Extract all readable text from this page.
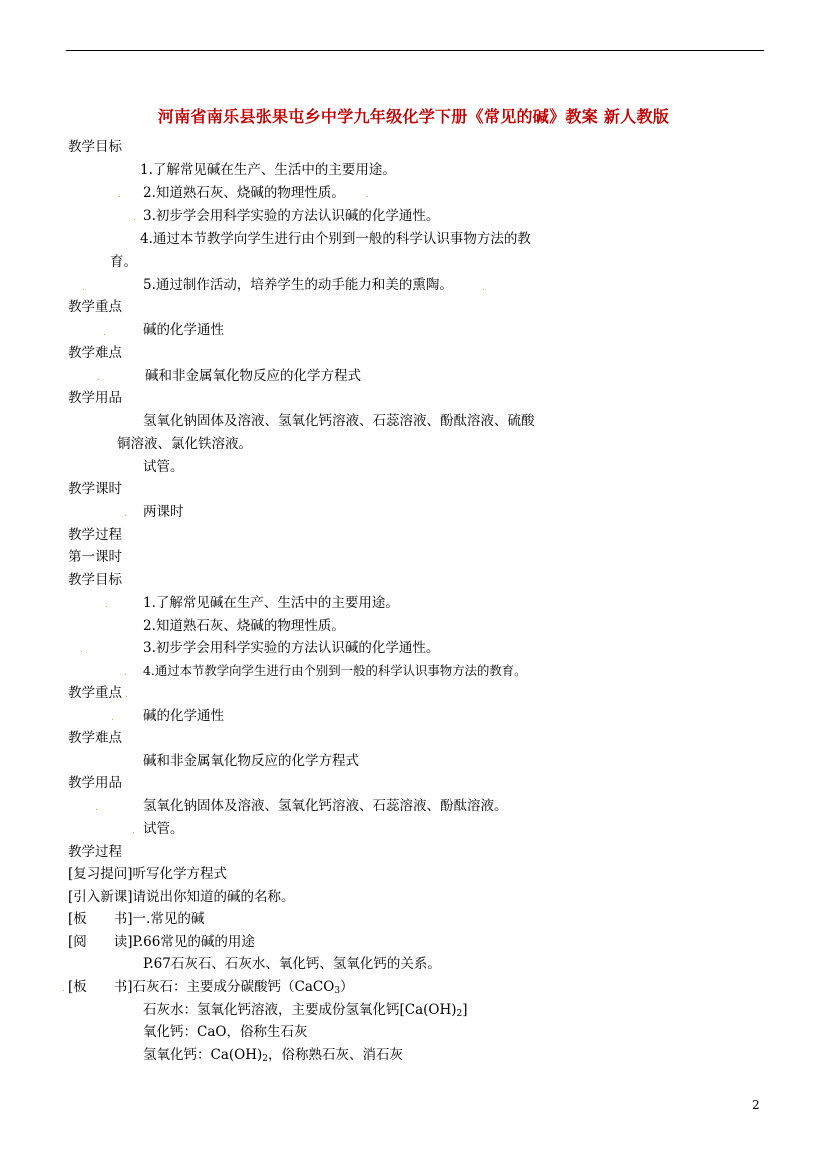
河南省南乐县张果屯乡中学九年级化学下册《常见的碱》教案 新人教版
教学目标
1.了解常见碱在生产、生活中的主要用途。
2.知道熟石灰、烧碱的物理性质。
3.初步学会用科学实验的方法认识碱的化学通性。
4.通过本节教学向学生进行由个别到一般的科学认识事物方法的教
育。
5.通过制作活动，培养学生的动手能力和美的熏陶。
教学重点
碱的化学通性
教学难点
碱和非金属氧化物反应的化学方程式
教学用品
氢氧化钠固体及溶液、氢氧化钙溶液、石蕊溶液、酚酞溶液、硫酸
铜溶液、氯化铁溶液。
试管。
教学课时
两课时
教学过程
第一课时
教学目标
1.了解常见碱在生产、生活中的主要用途。
2.知道熟石灰、烧碱的物理性质。
3.初步学会用科学实验的方法认识碱的化学通性。
4.通过本节教学向学生进行由个别到一般的科学认识事物方法的教育。
教学重点
碱的化学通性
教学难点
碱和非金属氧化物反应的化学方程式
教学用品
氢氧化钠固体及溶液、氢氧化钙溶液、石蕊溶液、酚酞溶液。
试管。
教学过程
[复习提问]听写化学方程式
[引入新课]请说出你知道的碱的名称。
[板　　书]一.常见的碱
[阅　　读]P.66常见的碱的用途
P.67石灰石、石灰水、氧化钙、氢氧化钙的关系。
[板　　书]石灰石：主要成分碳酸钙（CaCO$_3$）
石灰水：氢氧化钙溶液，主要成份氢氧化钙$[Ca(OH)_2]$
氧化钙：CaO，俗称生石灰
氢氧化钙：$Ca(OH)_2$，俗称熟石灰、消石灰
.	.
.
.	.
.
.
.
.
.
.
.
.
.
.
.
2
